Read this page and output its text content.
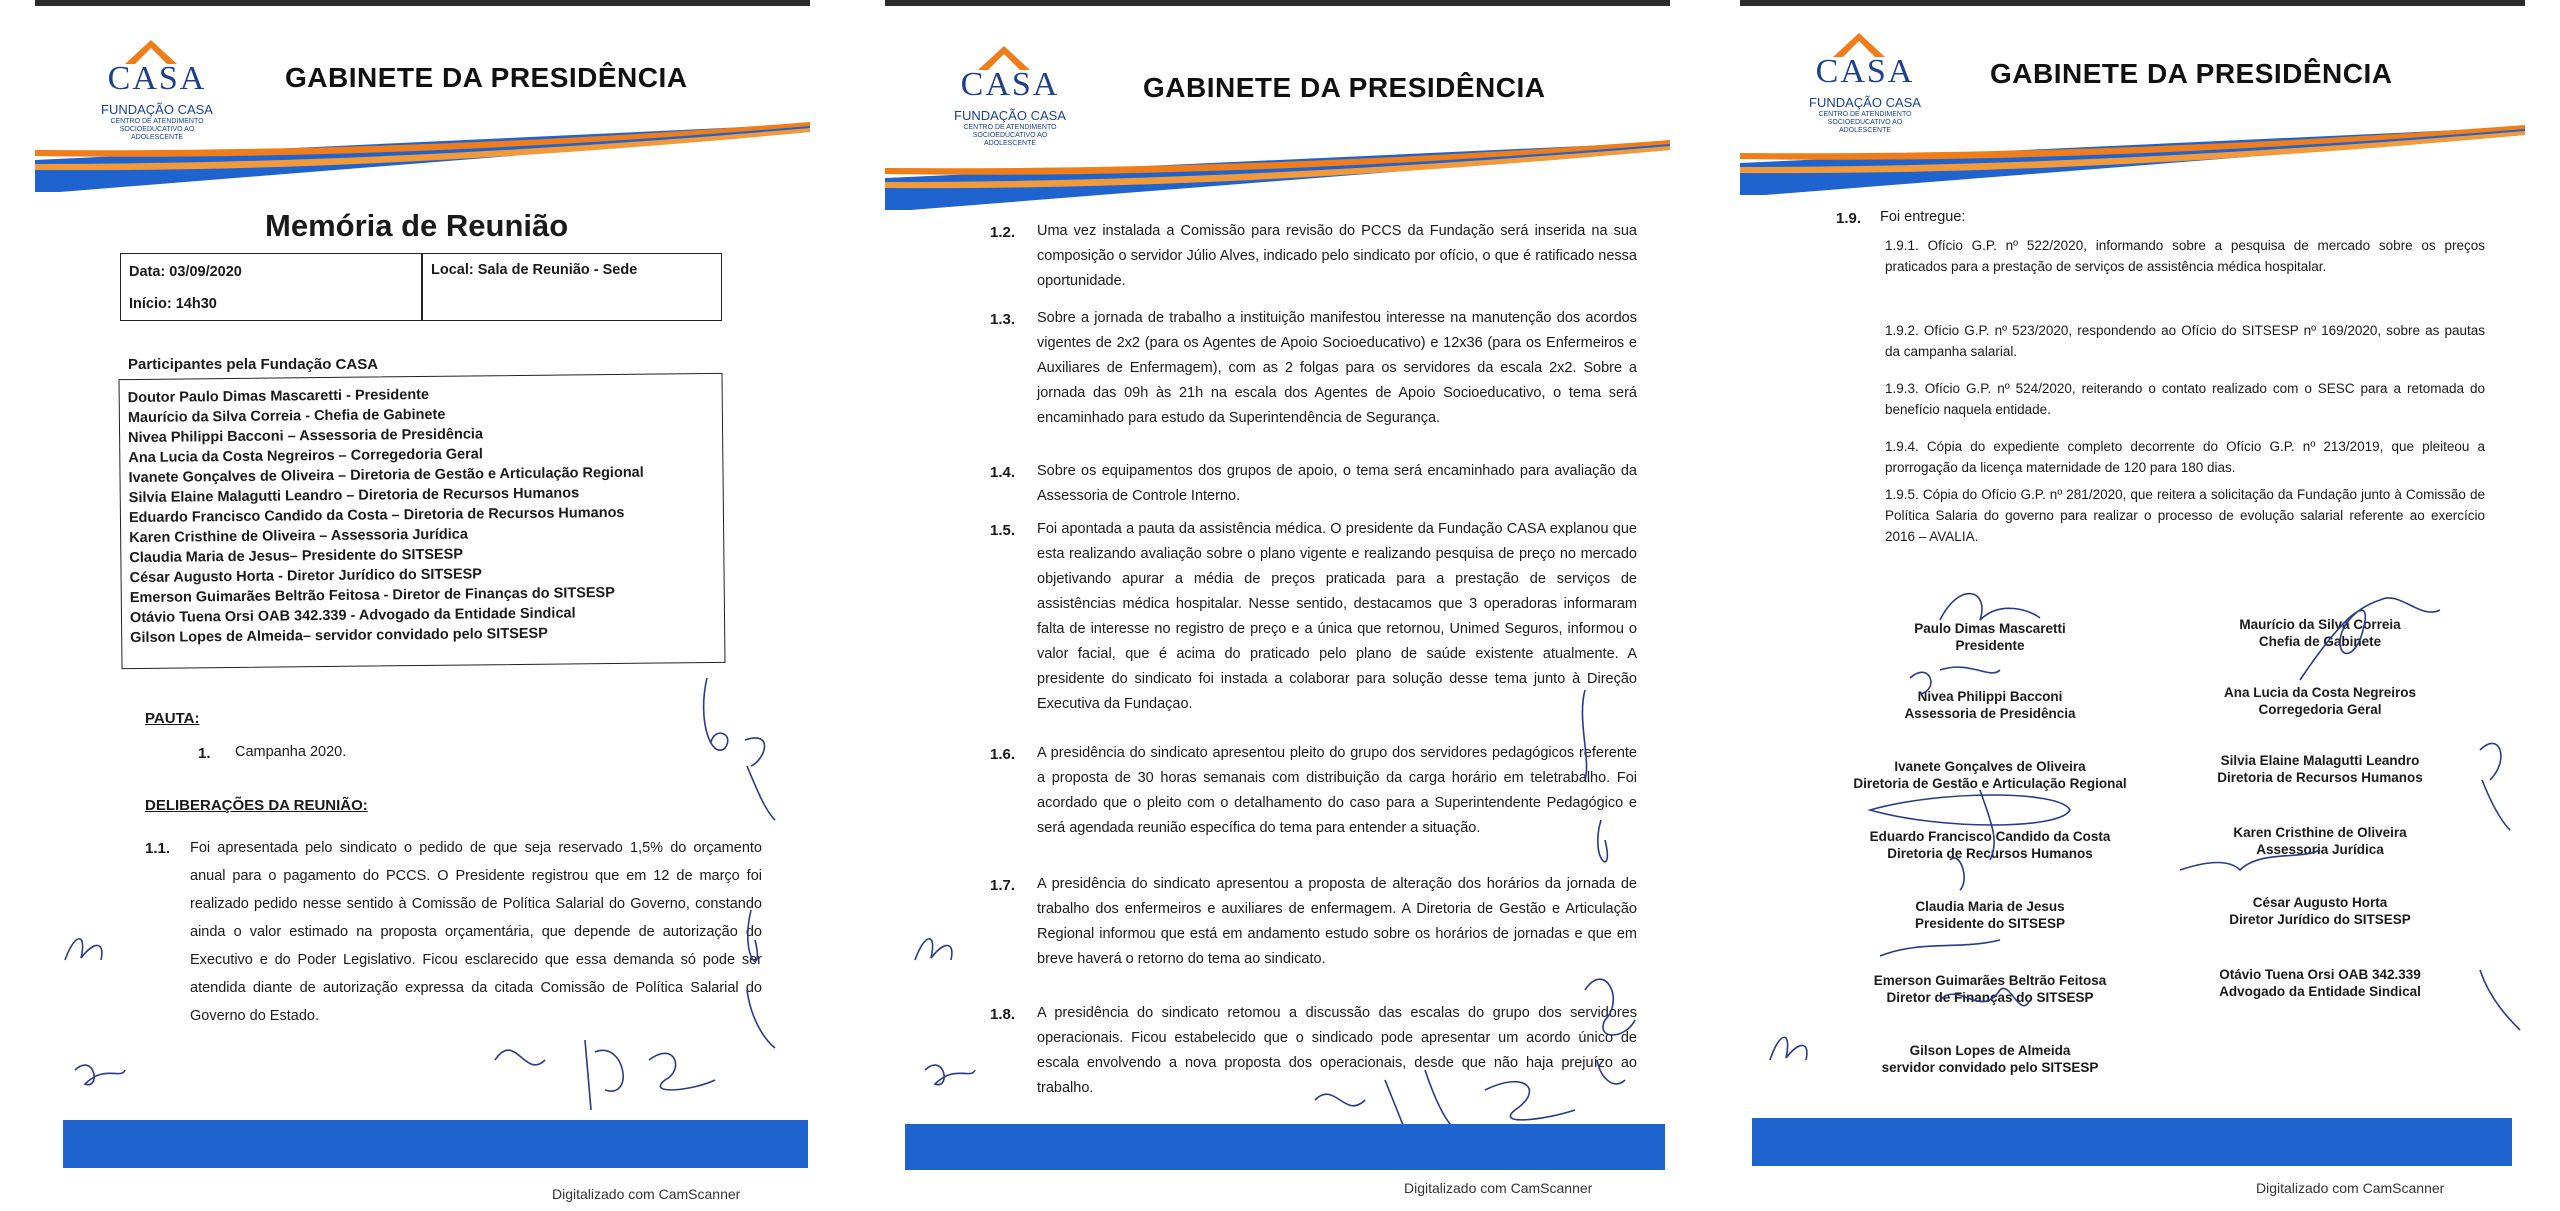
CASA
FUNDAÇÃO CASA
CENTRO DE ATENDIMENTO SOCIOEDUCATIVO AO ADOLESCENTE
GABINETE DA PRESIDÊNCIA
Memória de Reunião
Data: 03/09/2020
Início: 14h30
Local: Sala de Reunião - Sede
Participantes pela Fundação CASA
Doutor Paulo Dimas Mascaretti - Presidente
Maurício da Silva Correia - Chefia de Gabinete
Nivea Philippi Bacconi – Assessoria de Presidência
Ana Lucia da Costa Negreiros – Corregedoria Geral
Ivanete Gonçalves de Oliveira – Diretoria de Gestão e Articulação Regional
Silvia Elaine Malagutti Leandro – Diretoria de Recursos Humanos
Eduardo Francisco Candido da Costa – Diretoria de Recursos Humanos
Karen Cristhine de Oliveira – Assessoria Jurídica
Claudia Maria de Jesus– Presidente do SITSESP
César Augusto Horta - Diretor Jurídico do SITSESP
Emerson Guimarães Beltrão Feitosa - Diretor de Finanças do SITSESP
Otávio Tuena Orsi OAB 342.339 - Advogado da Entidade Sindical
Gilson Lopes de Almeida– servidor convidado pelo SITSESP
PAUTA:
1. Campanha 2020.
DELIBERAÇÕES DA REUNIÃO:
1.1. Foi apresentada pelo sindicato o pedido de que seja reservado 1,5% do orçamento anual para o pagamento do PCCS. O Presidente registrou que em 12 de março foi realizado pedido nesse sentido à Comissão de Política Salarial do Governo, constando ainda o valor estimado na proposta orçamentária, que depende de autorização do Executivo e do Poder Legislativo. Ficou esclarecido que essa demanda só pode ser atendida diante de autorização expressa da citada Comissão de Política Salarial do Governo do Estado.
Digitalizado com CamScanner
CASA
FUNDAÇÃO CASA
CENTRO DE ATENDIMENTO SOCIOEDUCATIVO AO ADOLESCENTE
GABINETE DA PRESIDÊNCIA
1.2. Uma vez instalada a Comissão para revisão do PCCS da Fundação será inserida na sua composição o servidor Júlio Alves, indicado pelo sindicato por ofício, o que é ratificado nessa oportunidade.
1.3. Sobre a jornada de trabalho a instituição manifestou interesse na manutenção dos acordos vigentes de 2x2 (para os Agentes de Apoio Socioeducativo) e 12x36 (para os Enfermeiros e Auxiliares de Enfermagem), com as 2 folgas para os servidores da escala 2x2. Sobre a jornada das 09h às 21h na escala dos Agentes de Apoio Socioeducativo, o tema será encaminhado para estudo da Superintendência de Segurança.
1.4. Sobre os equipamentos dos grupos de apoio, o tema será encaminhado para avaliação da Assessoria de Controle Interno.
1.5. Foi apontada a pauta da assistência médica. O presidente da Fundação CASA explanou que esta realizando avaliação sobre o plano vigente e realizando pesquisa de preço no mercado objetivando apurar a média de preços praticada para a prestação de serviços de assistências médica hospitalar. Nesse sentido, destacamos que 3 operadoras informaram falta de interesse no registro de preço e a única que retornou, Unimed Seguros, informou o valor facial, que é acima do praticado pelo plano de saúde existente atualmente. A presidente do sindicato foi instada a colaborar para solução desse tema junto à Direção Executiva da Fundaçao.
1.6. A presidência do sindicato apresentou pleito do grupo dos servidores pedagógicos referente a proposta de 30 horas semanais com distribuição da carga horário em teletrabalho. Foi acordado que o pleito com o detalhamento do caso para a Superintendente Pedagógico e será agendada reunião específica do tema para entender a situação.
1.7. A presidência do sindicato apresentou a proposta de alteração dos horários da jornada de trabalho dos enfermeiros e auxiliares de enfermagem. A Diretoria de Gestão e Articulação Regional informou que está em andamento estudo sobre os horários de jornadas e que em breve haverá o retorno do tema ao sindicato.
1.8. A presidência do sindicato retomou a discussão das escalas do grupo dos servidores operacionais. Ficou estabelecido que o sindicado pode apresentar um acordo único de escala envolvendo a nova proposta dos operacionais, desde que não haja prejuízo ao trabalho.
Digitalizado com CamScanner
CASA
FUNDAÇÃO CASA
CENTRO DE ATENDIMENTO SOCIOEDUCATIVO AO ADOLESCENTE
GABINETE DA PRESIDÊNCIA
1.9. Foi entregue:
1.9.1. Ofício G.P. nº 522/2020, informando sobre a pesquisa de mercado sobre os preços praticados para a prestação de serviços de assistência médica hospitalar.
1.9.2. Ofício G.P. nº 523/2020, respondendo ao Ofício do SITSESP nº 169/2020, sobre as pautas da campanha salarial.
1.9.3. Ofício G.P. nº 524/2020, reiterando o contato realizado com o SESC para a retomada do benefício naquela entidade.
1.9.4. Cópia do expediente completo decorrente do Ofício G.P. nº 213/2019, que pleiteou a prorrogação da licença maternidade de 120 para 180 dias.
1.9.5. Cópia do Ofício G.P. nº 281/2020, que reitera a solicitação da Fundação junto à Comissão de Política Salaria do governo para realizar o processo de evolução salarial referente ao exercício 2016 – AVALIA.
Paulo Dimas Mascaretti
Presidente
Maurício da Silva Correia
Chefia de Gabinete
Nivea Philippi Bacconi
Assessoria de Presidência
Ana Lucia da Costa Negreiros
Corregedoria Geral
Ivanete Gonçalves de Oliveira
Diretoria de Gestão e Articulação Regional
Silvia Elaine Malagutti Leandro
Diretoria de Recursos Humanos
Eduardo Francisco Candido da Costa
Diretoria de Recursos Humanos
Karen Cristhine de Oliveira
Assessoria Jurídica
Claudia Maria de Jesus
Presidente do SITSESP
César Augusto Horta
Diretor Jurídico do SITSESP
Emerson Guimarães Beltrão Feitosa
Diretor de Finanças do SITSESP
Otávio Tuena Orsi OAB 342.339
Advogado da Entidade Sindical
Gilson Lopes de Almeida
servidor convidado pelo SITSESP
Digitalizado com CamScanner
